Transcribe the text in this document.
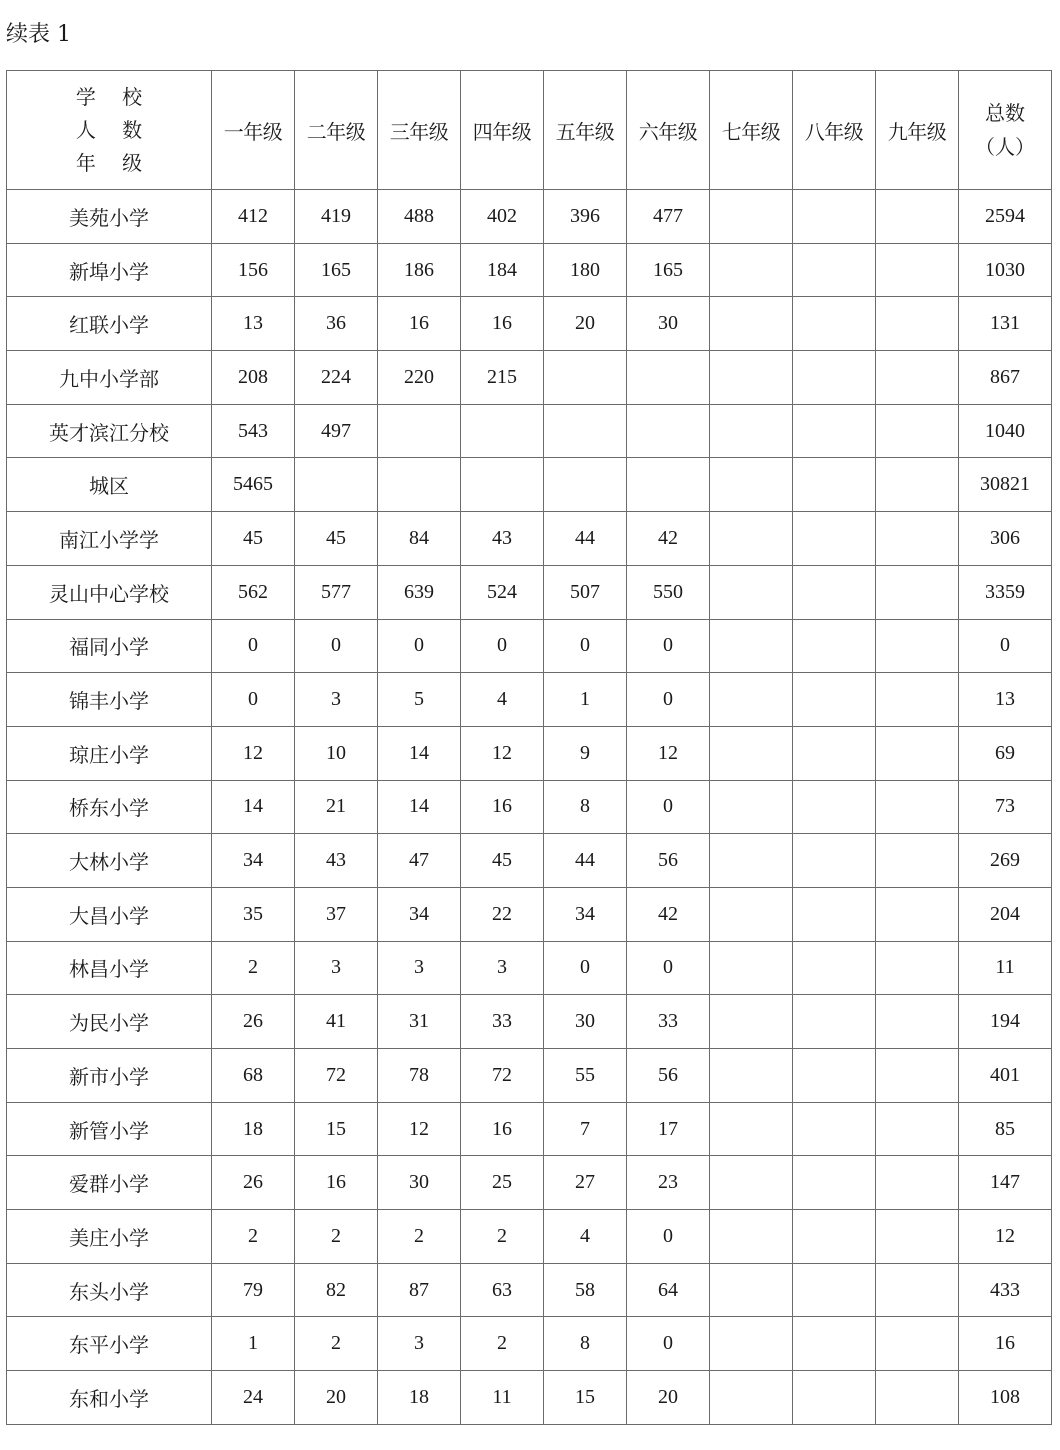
续表 1
学 校
人 数
年 级	一年级	二年级	三年级	四年级	五年级	六年级	七年级	八年级	九年级	总数
（人）

美苑小学	412	419	488	402	396	477				2594
新埠小学	156	165	186	184	180	165				1030
红联小学	13	36	16	16	20	30				131
九中小学部	208	224	220	215						867
英才滨江分校	543	497								1040
城区	5465									30821
南江小学学	45	45	84	43	44	42				306
灵山中心学校	562	577	639	524	507	550				3359
福同小学	0	0	0	0	0	0				0
锦丰小学	0	3	5	4	1	0				13
琼庄小学	12	10	14	12	9	12				69
桥东小学	14	21	14	16	8	0				73
大林小学	34	43	47	45	44	56				269
大昌小学	35	37	34	22	34	42				204
林昌小学	2	3	3	3	0	0				11
为民小学	26	41	31	33	30	33				194
新市小学	68	72	78	72	55	56				401
新管小学	18	15	12	16	7	17				85
爱群小学	26	16	30	25	27	23				147
美庄小学	2	2	2	2	4	0				12
东头小学	79	82	87	63	58	64				433
东平小学	1	2	3	2	8	0				16
东和小学	24	20	18	11	15	20				108
